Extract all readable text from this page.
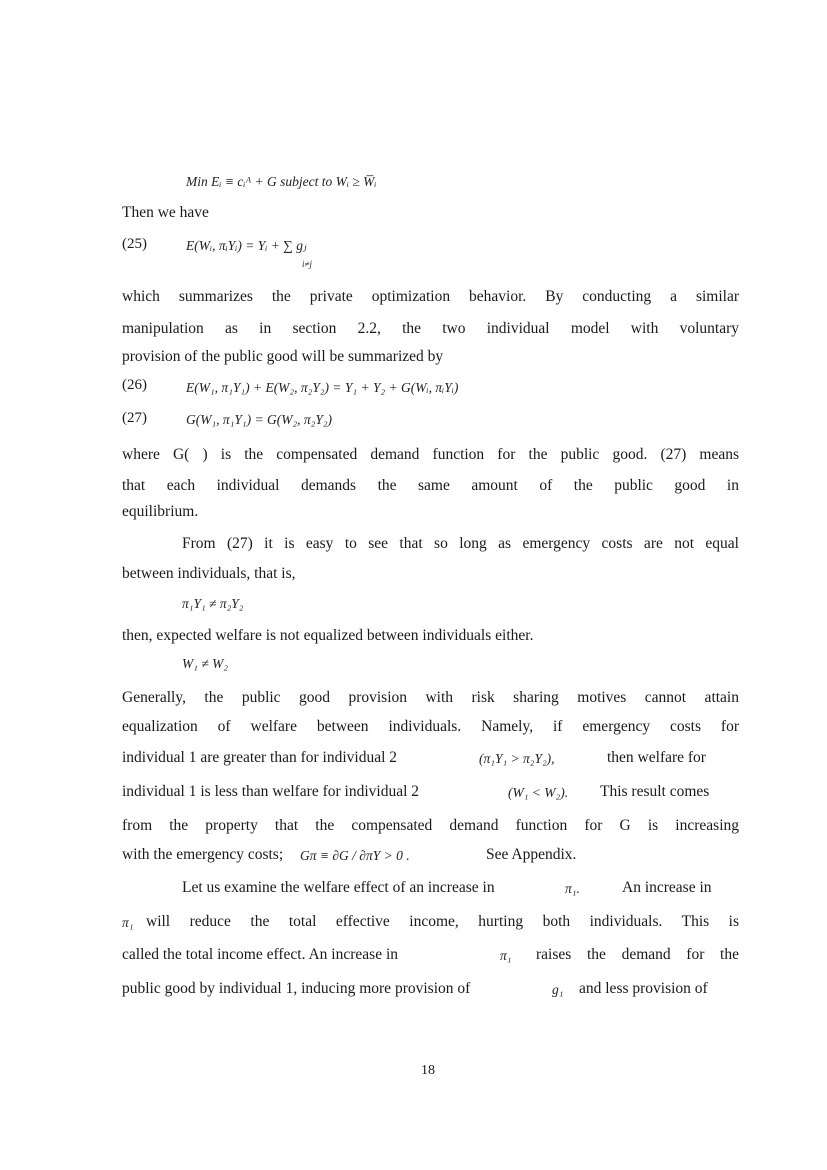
Min Eᵢ ≡ cᵢᴬ + G subject to Wᵢ ≥ W̅ᵢ
Then we have
(25)	E(Wᵢ, πᵢYᵢ) = Yᵢ + ∑ gⱼ
i≠j
which summarizes the private optimization behavior. By conducting a similar
manipulation as in section 2.2, the two individual model with voluntary
provision of the public good will be summarized by
(26)	E(W₁, π₁Y₁) + E(W₂, π₂Y₂) = Y₁ + Y₂ + G(Wᵢ, πᵢYᵢ)
(27)	G(W₁, π₁Y₁) = G(W₂, π₂Y₂)
where G( ) is the compensated demand function for the public good. (27) means
that each individual demands the same amount of the public good in
equilibrium.
From (27) it is easy to see that so long as emergency costs are not equal
between individuals, that is,
π₁Y₁ ≠ π₂Y₂
then, expected welfare is not equalized between individuals either.
W₁ ≠ W₂
Generally, the public good provision with risk sharing motives cannot attain
equalization of welfare between individuals. Namely, if emergency costs for
individual 1 are greater than for individual 2	(π₁Y₁ > π₂Y₂),	then welfare for
individual 1 is less than welfare for individual 2	(W₁ < W₂). This result comes
from the property that the compensated demand function for G is increasing
with the emergency costs; Gπ ≡ ∂G / ∂πY > 0 .	See Appendix.
Let us examine the welfare effect of an increase in	π₁.	An increase in
π₁ will reduce the total effective income, hurting both individuals. This is
called the total income effect. An increase in	π₁ raises the demand for the
public good by individual 1, inducing more provision of	g₁ and less provision of
18
